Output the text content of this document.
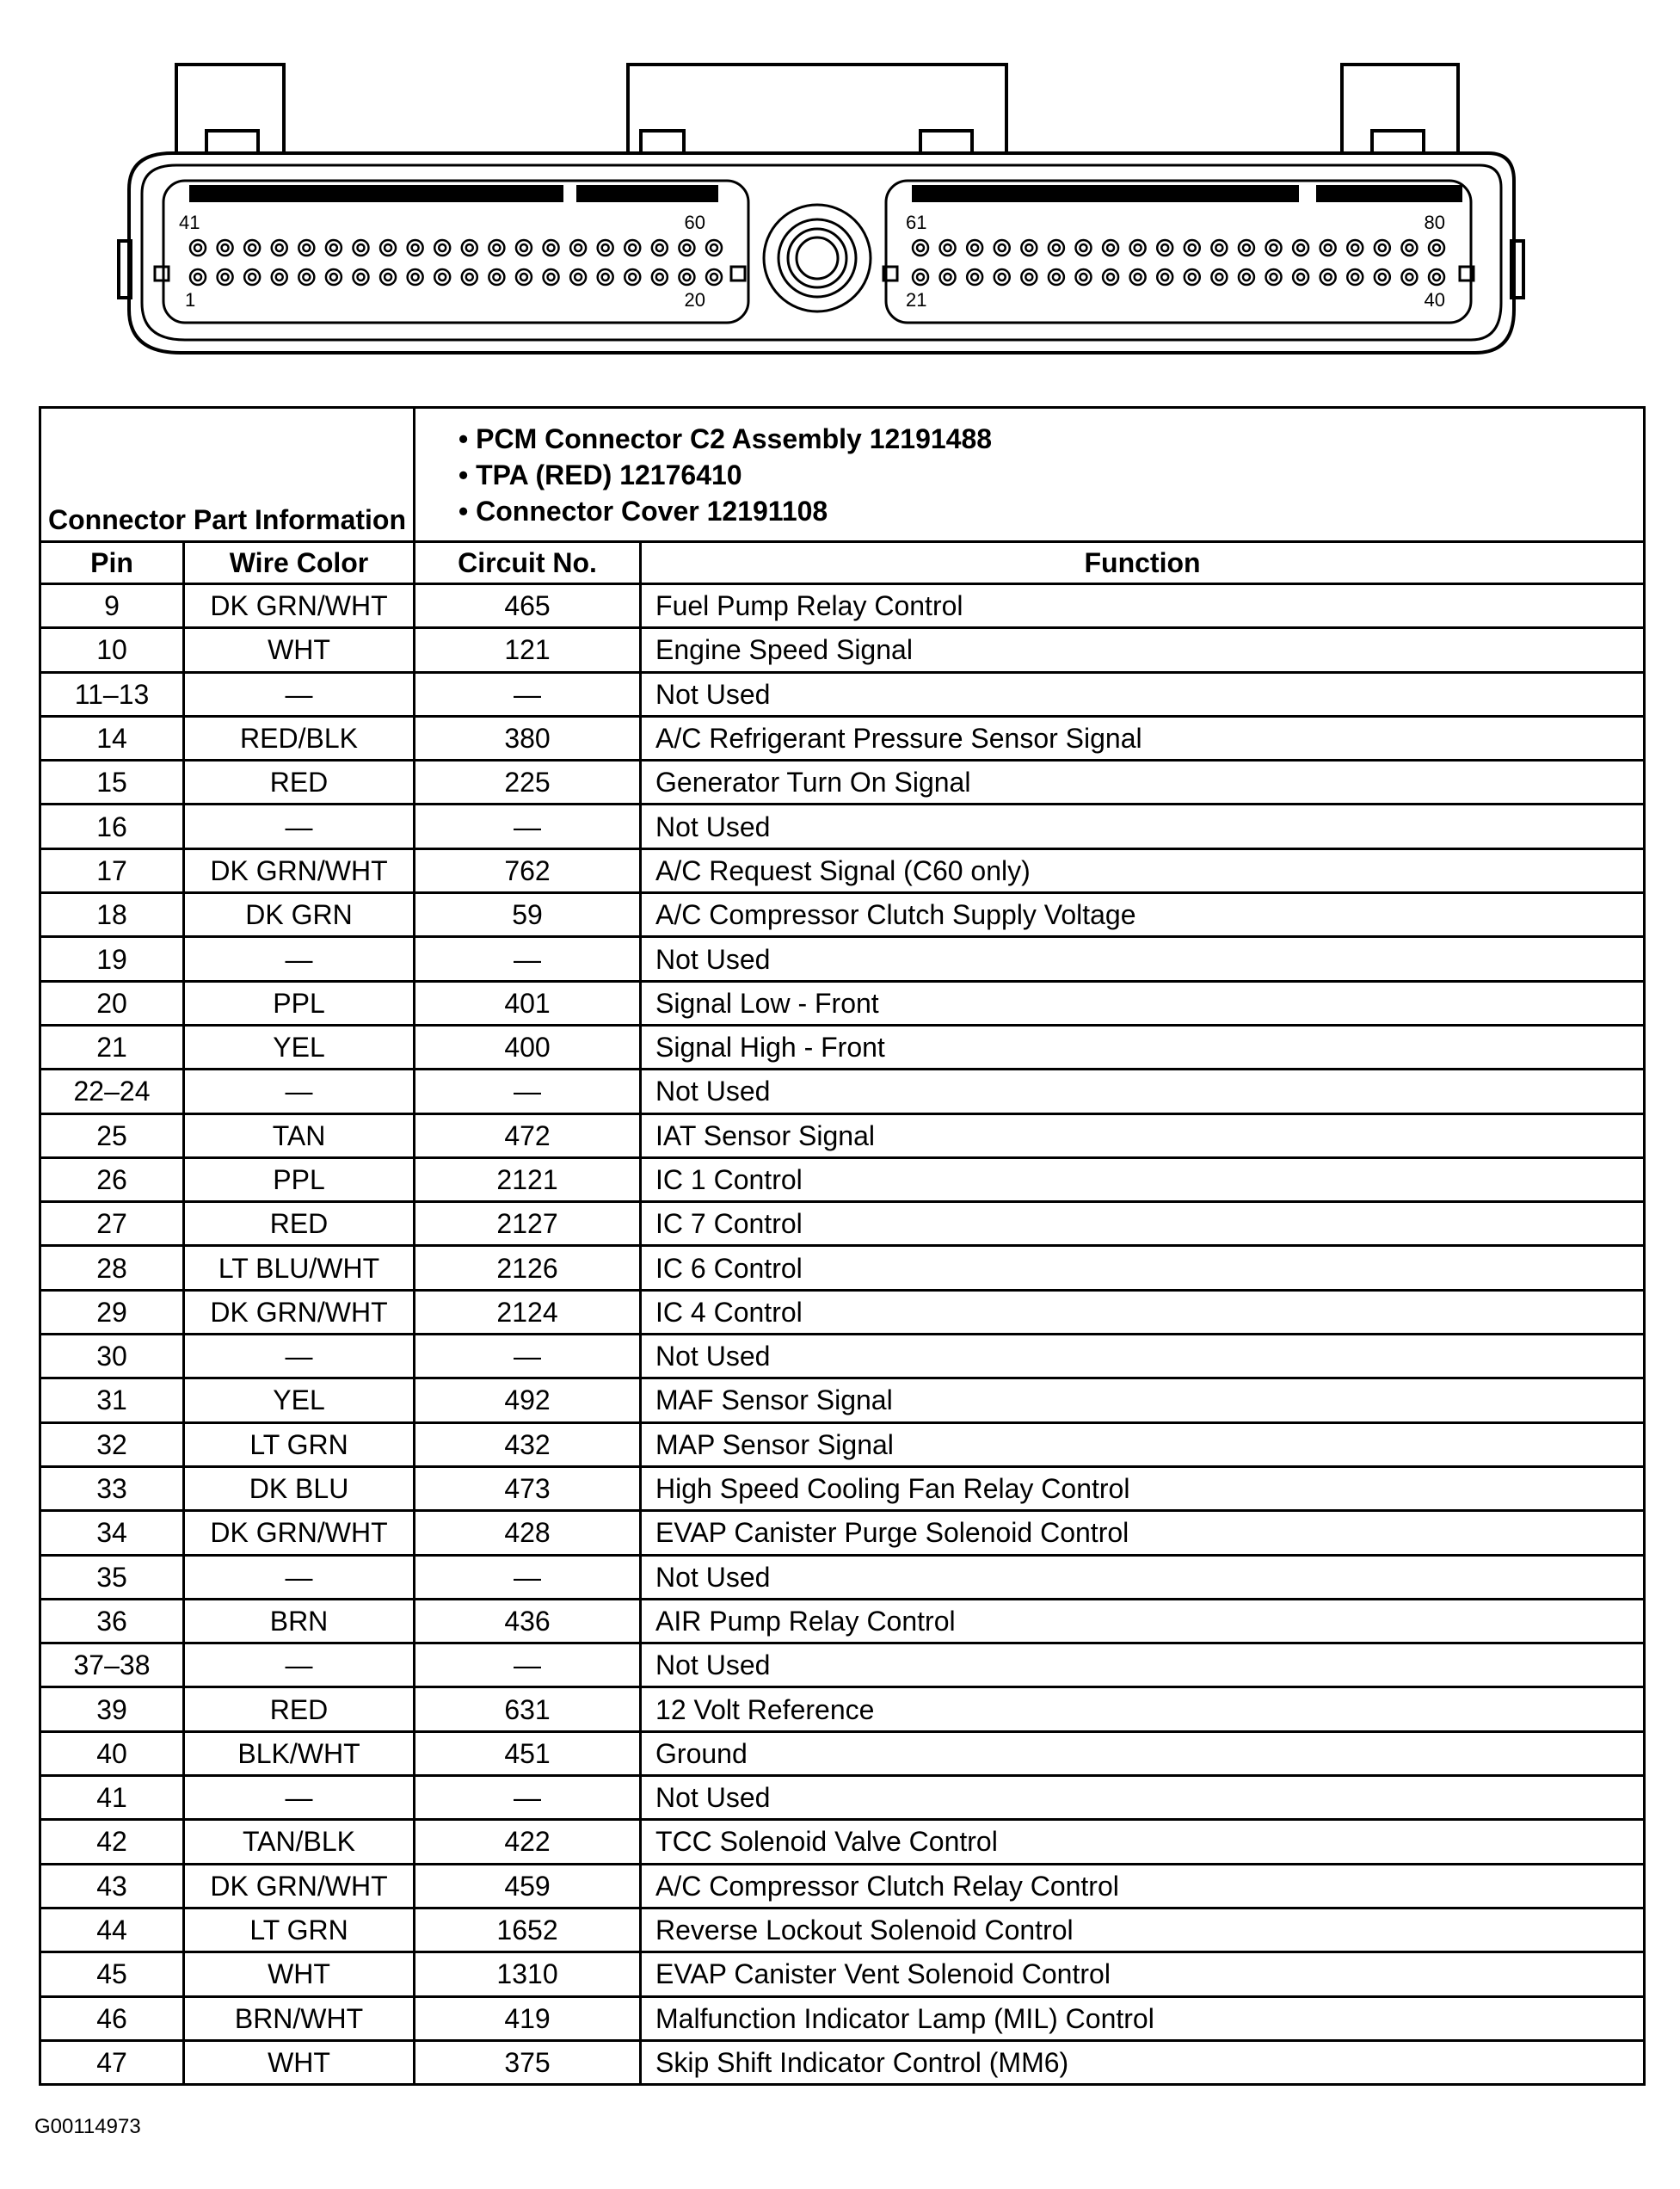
41	60
1	20
61	80
21	40
Connector Part Information		• PCM Connector C2 Assembly 12191488
• TPA (RED) 12176410
• Connector Cover 12191108	

Pin	Wire Color	Circuit No.	Function
9	DK GRN/WHT	465	Fuel Pump Relay Control
10	WHT	121	Engine Speed Signal
11–13	—	—	Not Used
14	RED/BLK	380	A/C Refrigerant Pressure Sensor Signal
15	RED	225	Generator Turn On Signal
16	—	—	Not Used
17	DK GRN/WHT	762	A/C Request Signal (C60 only)
18	DK GRN	59	A/C Compressor Clutch Supply Voltage
19	—	—	Not Used
20	PPL	401	Signal Low - Front
21	YEL	400	Signal High - Front
22–24	—	—	Not Used
25	TAN	472	IAT Sensor Signal
26	PPL	2121	IC 1 Control
27	RED	2127	IC 7 Control
28	LT BLU/WHT	2126	IC 6 Control
29	DK GRN/WHT	2124	IC 4 Control
30	—	—	Not Used
31	YEL	492	MAF Sensor Signal
32	LT GRN	432	MAP Sensor Signal
33	DK BLU	473	High Speed Cooling Fan Relay Control
34	DK GRN/WHT	428	EVAP Canister Purge Solenoid Control
35	—	—	Not Used
36	BRN	436	AIR Pump Relay Control
37–38	—	—	Not Used
39	RED	631	12 Volt Reference
40	BLK/WHT	451	Ground
41	—	—	Not Used
42	TAN/BLK	422	TCC Solenoid Valve Control
43	DK GRN/WHT	459	A/C Compressor Clutch Relay Control
44	LT GRN	1652	Reverse Lockout Solenoid Control
45	WHT	1310	EVAP Canister Vent Solenoid Control
46	BRN/WHT	419	Malfunction Indicator Lamp (MIL) Control
47	WHT	375	Skip Shift Indicator Control (MM6)
G00114973
